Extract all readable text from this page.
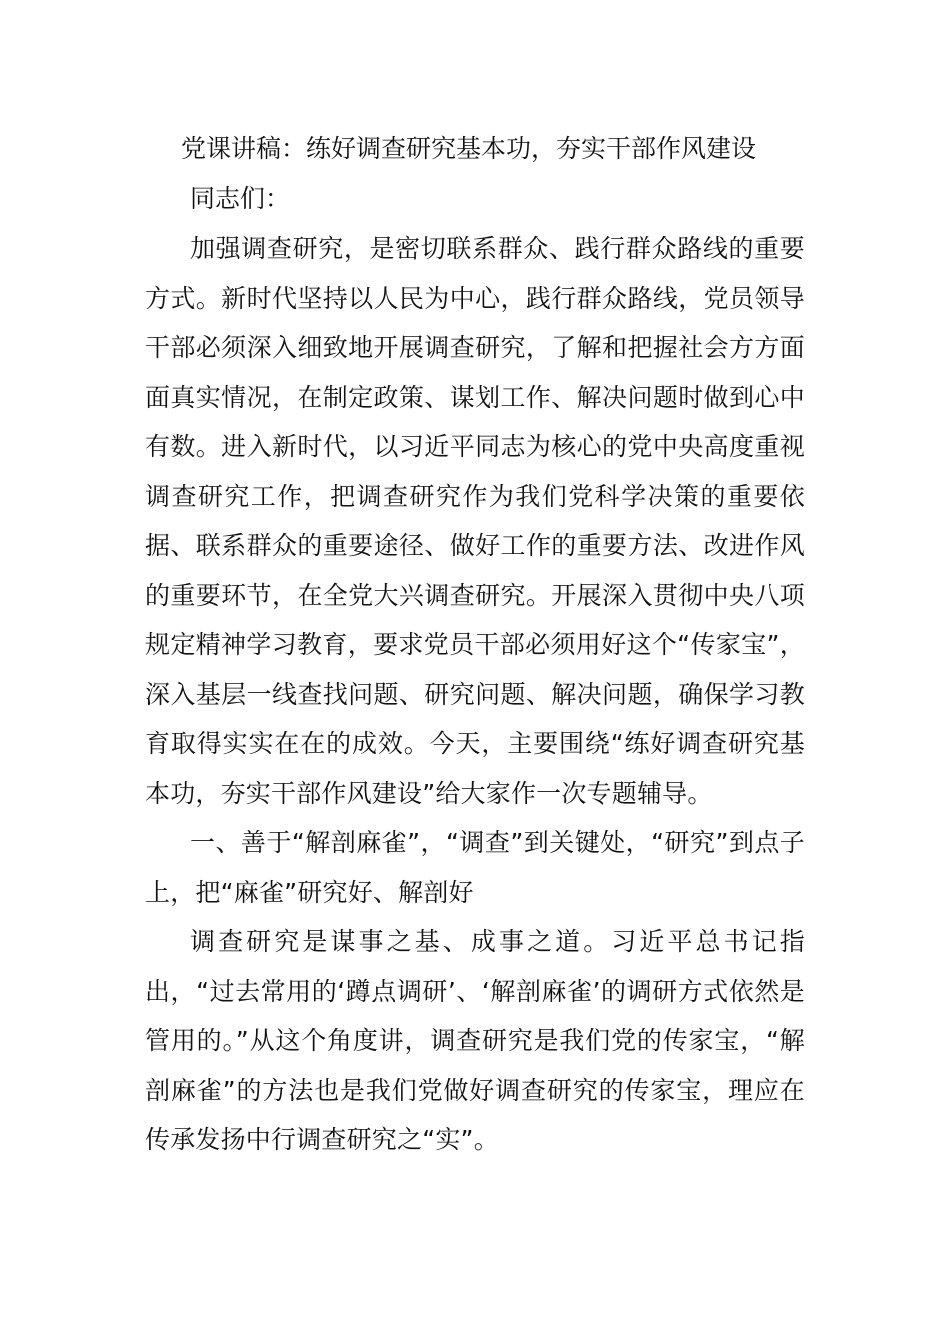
党课讲稿：练好调查研究基本功，夯实干部作风建设

同志们：

加强调查研究，是密切联系群众、践行群众路线的重要方式。新时代坚持以人民为中心，践行群众路线，党员领导干部必须深入细致地开展调查研究，了解和把握社会方方面面真实情况，在制定政策、谋划工作、解决问题时做到心中有数。进入新时代，以习近平同志为核心的党中央高度重视调查研究工作，把调查研究作为我们党科学决策的重要依据、联系群众的重要途径、做好工作的重要方法、改进作风的重要环节，在全党大兴调查研究。开展深入贯彻中央八项规定精神学习教育，要求党员干部必须用好这个“传家宝”，深入基层一线查找问题、研究问题、解决问题，确保学习教育取得实实在在的成效。今天，主要围绕“练好调查研究基本功，夯实干部作风建设”给大家作一次专题辅导。

一、善于“解剖麻雀”，“调查”到关键处，“研究”到点子上，把“麻雀”研究好、解剖好

调查研究是谋事之基、成事之道。习近平总书记指出，“过去常用的‘蹲点调研’、‘解剖麻雀’的调研方式依然是管用的。”从这个角度讲，调查研究是我们党的传家宝，“解剖麻雀”的方法也是我们党做好调查研究的传家宝，理应在传承发扬中行调查研究之“实”。
